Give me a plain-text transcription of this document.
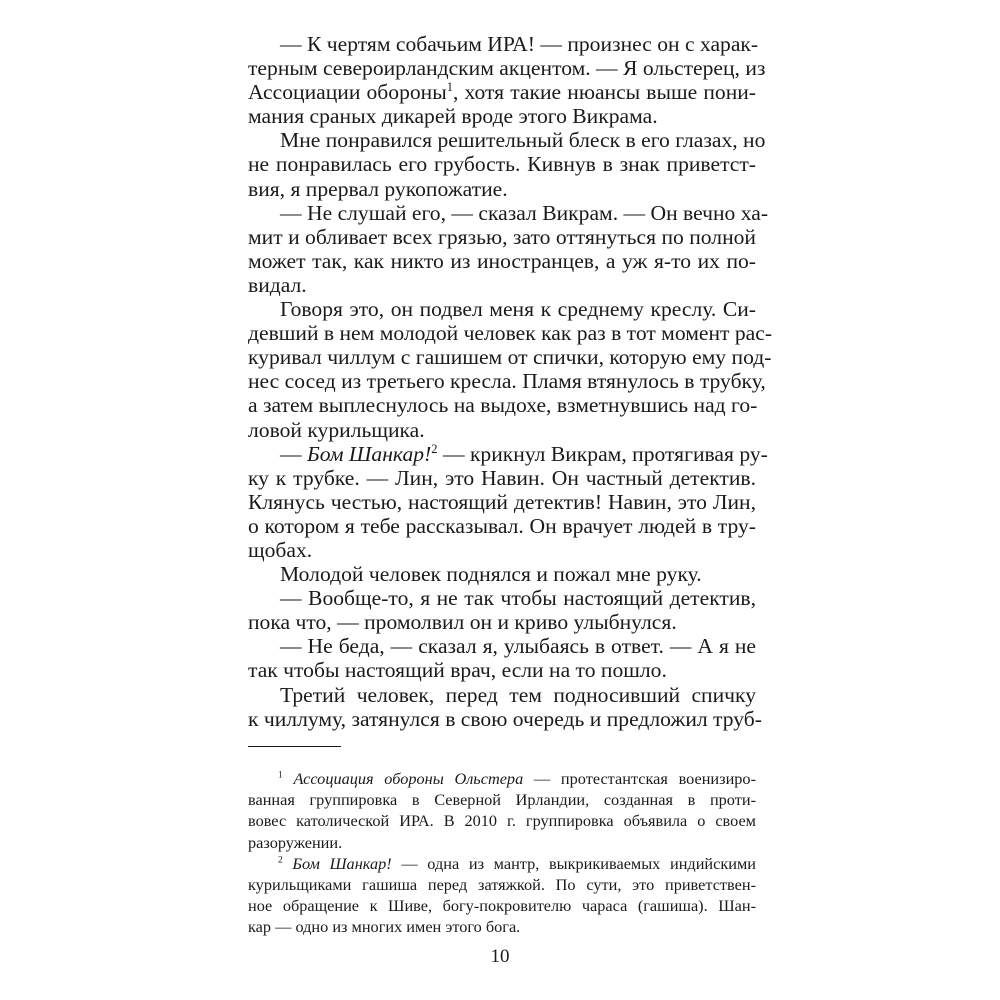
— К чертям собачьим ИРА! — произнес он с харак-
терным североирландским акцентом. — Я ольстерец, из
Ассоциации обороны$^1$, хотя такие нюансы выше пони-
мания сраных дикарей вроде этого Викрама.
Мне понравился решительный блеск в его глазах, но
не понравилась его грубость. Кивнув в знак приветст-
вия, я прервал рукопожатие.
— Не слушай его, — сказал Викрам. — Он вечно ха-
мит и обливает всех грязью, зато оттянуться по полной
может так, как никто из иностранцев, а уж я-то их по-
видал.
Говоря это, он подвел меня к среднему креслу. Си-
девший в нем молодой человек как раз в тот момент рас-
куривал чиллум с гашишем от спички, которую ему под-
нес сосед из третьего кресла. Пламя втянулось в трубку,
а затем выплеснулось на выдохе, взметнувшись над го-
ловой курильщика.
— Бом Шанкар!$^2$ — крикнул Викрам, протягивая ру-
ку к трубке. — Лин, это Навин. Он частный детектив.
Клянусь честью, настоящий детектив! Навин, это Лин,
о котором я тебе рассказывал. Он врачует людей в тру-
щобах.
Молодой человек поднялся и пожал мне руку.
— Вообще-то, я не так чтобы настоящий детектив,
пока что, — промолвил он и криво улыбнулся.
— Не беда, — сказал я, улыбаясь в ответ. — А я не
так чтобы настоящий врач, если на то пошло.
Третий человек, перед тем подносивший спичку
к чиллуму, затянулся в свою очередь и предложил труб-
$^1$ Ассоциация обороны Ольстера — протестантская военизиро-
ванная группировка в Северной Ирландии, созданная в проти-
вовес католической ИРА. В 2010 г. группировка объявила о своем
разоружении.
$^2$ Бом Шанкар! — одна из мантр, выкрикиваемых индийскими
курильщиками гашиша перед затяжкой. По сути, это приветствен-
ное обращение к Шиве, богу-покровителю чараса (гашиша). Шан-
кар — одно из многих имен этого бога.
10
